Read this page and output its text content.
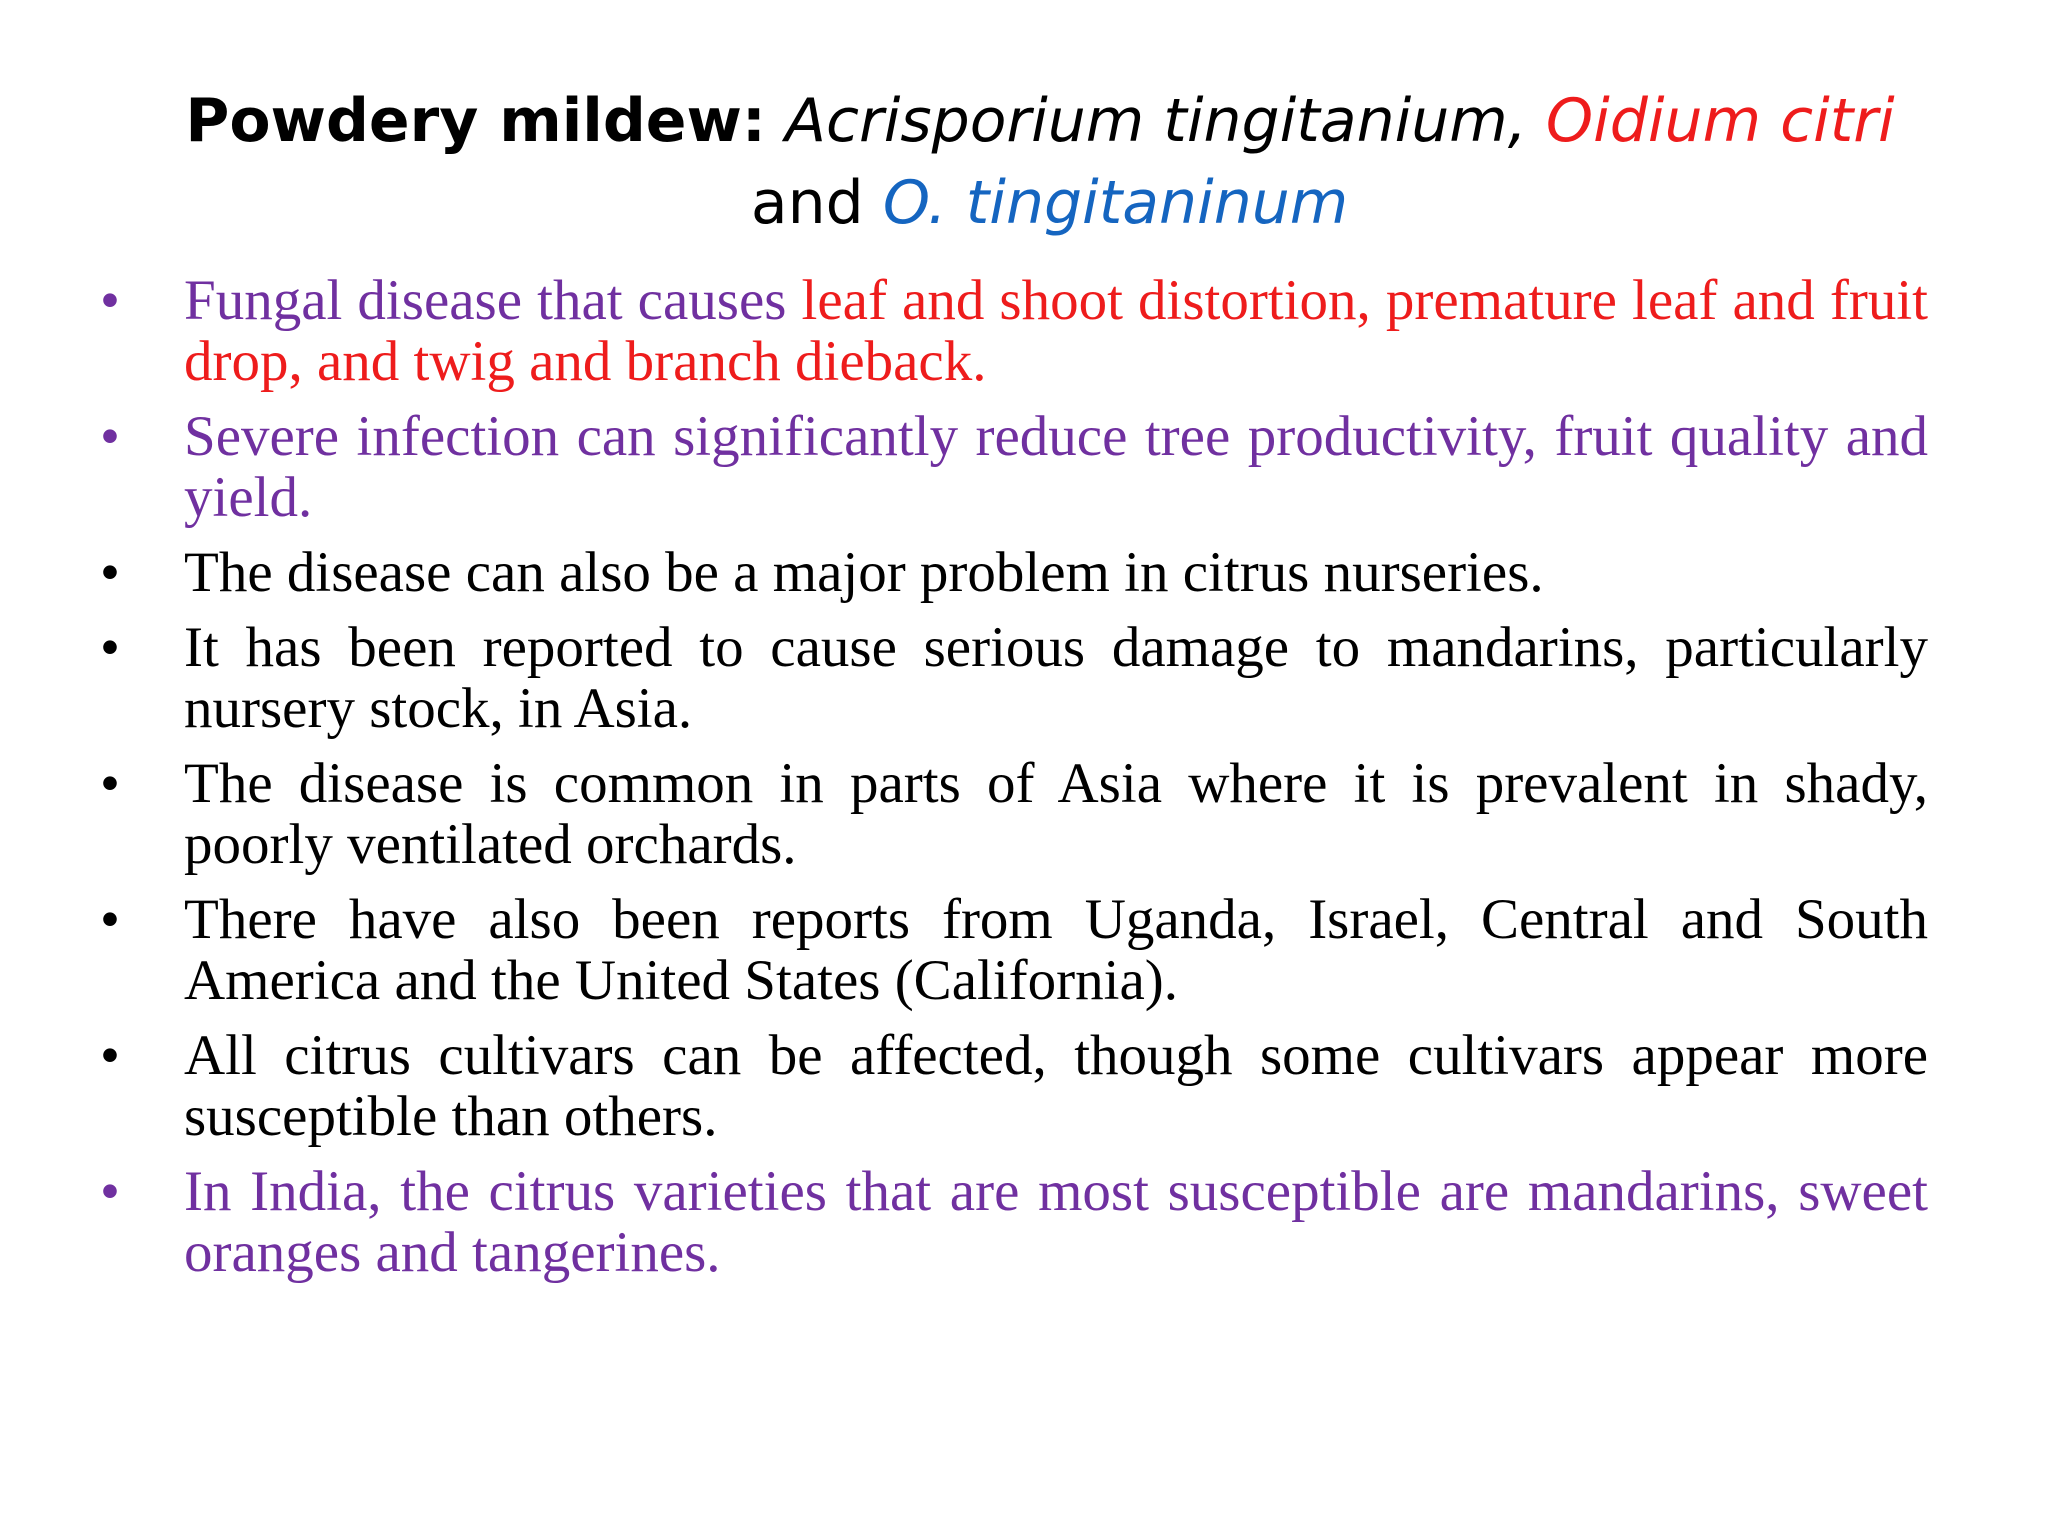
Powdery mildew: Acrisporium tingitanium, Oidium citri  and O. tingitaninum
•	Fungal disease that causes leaf and shoot distortion, premature leaf and fruit drop, and twig and branch dieback.
•	Severe infection can significantly reduce tree productivity, fruit quality and yield.
•	The disease can also be a major problem in citrus nurseries.
•	It has been reported to cause serious damage to mandarins, particularly nursery stock, in Asia.
•	The disease is common in parts of Asia where it is prevalent in shady, poorly ventilated orchards.
•	There have also been reports from Uganda, Israel, Central and South America and the United States (California).
•	All citrus cultivars can be affected, though some cultivars appear more susceptible than others.
•	In India, the citrus varieties that are most susceptible are mandarins, sweet oranges and tangerines.
